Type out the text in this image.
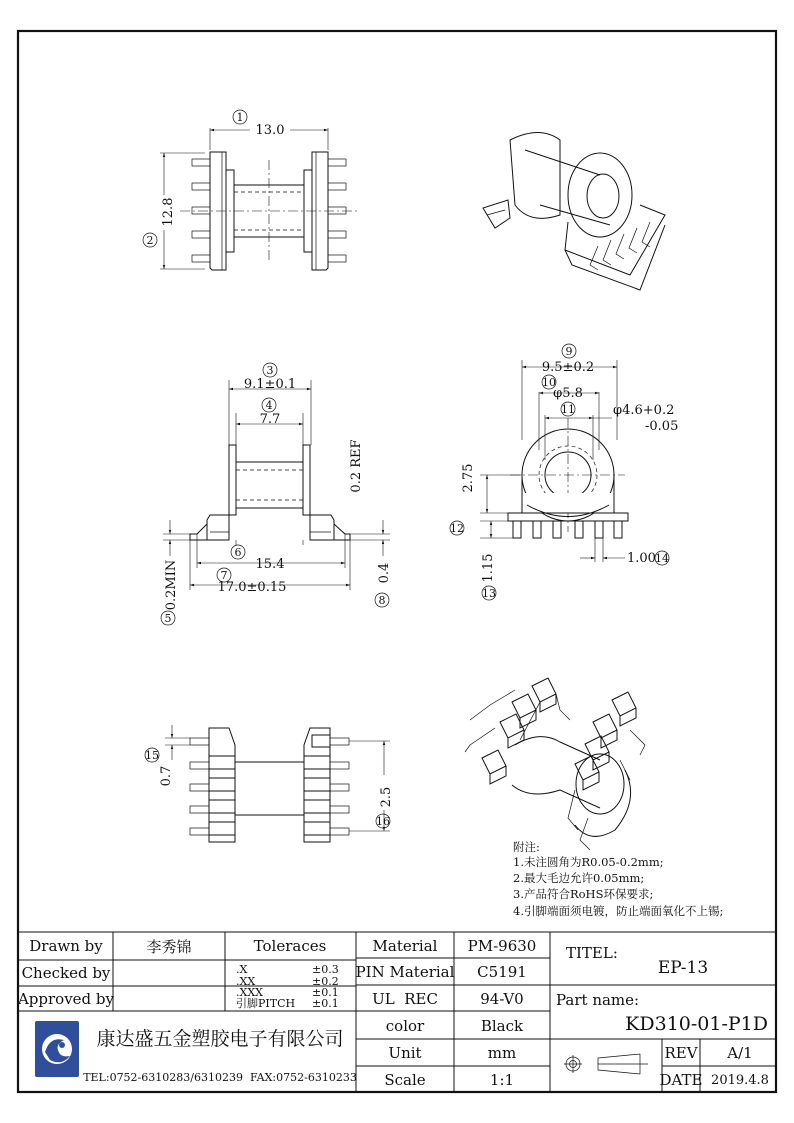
13.0
1
12.8
2
9.1±0.1
3
7.7
4
0.2 REF
15.4
6
17.0±0.15
7
0.2MIN
5
0.4
8
9
9.5±0.2
10
φ5.8
11	φ4.6+0.2
-0.05
2.75
12
1.15
13
1.00 14
15
0.7
2.5
16
附注:
1.未注圆角为R0.05-0.2mm;
2.最大毛边允许0.05mm;
3.产品符合RoHS环保要求;
4.引脚端面须电镀，防止端面氧化不上锡;
Drawn by	李秀锦
Checked by
Approved by
Toleraces
.X	±0.3
.XX	±0.2
.XXX	±0.1
引脚PITCH ±0.1
Material PM-9630
PIN Material C5191
UL  REC	94-V0
color	Black
Unit	mm
Scale	1:1
TITEL:
EP-13
Part name:
KD310-01-P1D
REV A/1
DATE 2019.4.8
康达盛五金塑胶电子有限公司
TEL:0752-6310283/6310239  FAX:0752-6310233
